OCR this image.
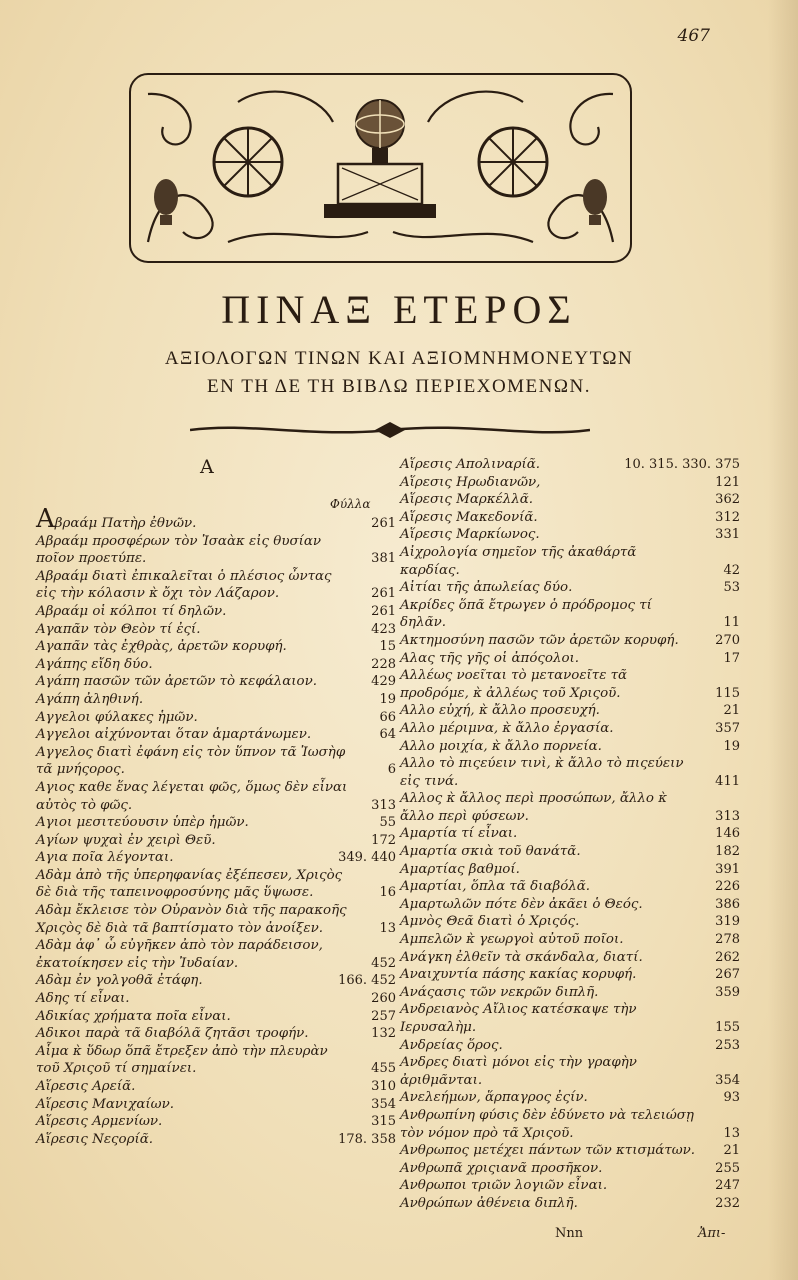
467
ΠΙΝΑΞ ΕΤΕΡΟΣ
ΑΞΙΟΛΟΓΩΝ ΤΙΝΩΝ ΚΑΙ ΑΞΙΟΜΝΗΜΟΝΕΥΤΩΝ
ΕΝ ΤΗ ΔΕ ΤΗ ΒΙΒΛΩ ΠΕΡΙΕΧΟΜΕΝΩΝ.
Α
Φύλλα
Αβραάμ Πατὴρ ἐθνῶν.	261
Αβραάμ προσφέρων τὸν Ἰσαὰκ εἰς θυσίαν ποῖον προετύπε.	381
Αβραάμ διατὶ ἐπικαλεῖται ὁ πλέσιος ὦντας εἰς τὴν κόλασιν κ̀ ὄχι τὸν Λάζαρον.	261
Αβραάμ οἱ κόλποι τί δηλῶν.	261
Αγαπᾶν τὸν Θεὸν τί ἐςί.	423
Αγαπᾶν τὰς ἐχθρὰς, ἀρετῶν κορυφή.	15
Αγάπης εἴδη δύο.	228
Αγάπη πασῶν τῶν ἀρετῶν τὸ κεφάλαιον.	429
Αγάπη ἀληθινή.	19
Αγγελοι φύλακες ἡμῶν.	66
Αγγελοι αἰχύνονται ὅταν ἁμαρτάνωμεν.	64
Αγγελος διατὶ ἐφάνη εἰς τὸν ὕπνον τᾶ Ἰωσὴφ τᾶ μνήςορος.	6
Αγιος καθε ἕνας λέγεται φῶς, ὅμως δὲν εἶναι αὐτὸς τὸ φῶς.	313
Αγιοι μεσιτεύουσιν ὑπὲρ ἡμῶν.	55
Αγίων ψυχαὶ ἐν χειρὶ Θεῦ.	172
Αγια ποῖα λέγονται.	349. 440
Αδὰμ ἀπὸ τῆς ὑπερηφανίας ἐξέπεσεν, Χριςὸς δὲ διὰ τῆς ταπεινοφροσύνης μᾶς ὕψωσε.	16
Αδὰμ ἔκλεισε τὸν Οὐρανὸν διὰ τῆς παρακοῆς Χριςὸς δὲ διὰ τᾶ βαπτίσματο τὸν ἀνοίξεν.	13
Αδὰμ ἀφ᾽ ὧ εὐγῆκεν ἀπὸ τὸν παράδεισον, ἐκατοίκησεν εἰς τὴν Ἰυδαίαν.	452
Αδὰμ ἐν γολγοθᾶ ἐτάφη.	166. 452
Αδης τί εἶναι.	260
Αδικίας χρήματα ποῖα εἶναι.	257
Αδικοι παρὰ τᾶ διαβόλᾶ ζητᾶσι τροφήν.	132
Αἷμα κ̀ ὕδωρ ὅπᾶ ἔτρεξεν ἀπὸ τὴν πλευρὰν τοῦ Χριςοῦ τί σημαίνει.	455
Αἵρεσις Αρείᾶ.	310
Αἵρεσις Μανιχαίων.	354
Αἵρεσις Αρμενίων.	315
Αἵρεσις Νεςορίᾶ.	178. 358
Αἵρεσις Απολιναρίᾶ.	10. 315. 330. 375
Αἵρεσις Ηρωδιανῶν,	121
Αἵρεσις Μαρκέλλᾶ.	362
Αἵρεσις Μακεδονίᾶ.	312
Αἵρεσις Μαρκίωνος.	331
Αἰχρολογία σημεῖον τῆς ἀκαθάρτᾶ καρδίας.	42
Αἰτίαι τῆς ἀπωλείας δύο.	53
Ακρίδες ὅπᾶ ἔτρωγεν ὁ πρόδρομος τί δηλᾶν.	11
Ακτημοσύνη πασῶν τῶν ἀρετῶν κορυφή.	270
Αλας τῆς γῆς οἱ ἀπόςολοι.	17
Αλλέως νοεῖται τὸ μετανοεῖτε τᾶ προδρόμε, κ̀ ἀλλέως τοῦ Χριςοῦ.	115
Αλλο εὐχή, κ̀ ἄλλο προσευχή.	21
Αλλο μέριμνα, κ̀ ἄλλο ἐργασία.	357
Αλλο μοιχία, κ̀ ἄλλο πορνεία.	19
Αλλο τὸ πιςεύειν τινὶ, κ̀ ἄλλο τὸ πιςεύειν εἰς τινά.	411
Αλλος κ̀ ἄλλος περὶ προσώπων, ἄλλο κ̀ ἄλλο περὶ φύσεων.	313
Αμαρτία τί εἶναι.	146
Αμαρτία σκιὰ τοῦ θανάτᾶ.	182
Αμαρτίας βαθμοί.	391
Αμαρτίαι, ὅπλα τᾶ διαβόλᾶ.	226
Αμαρτωλῶν πότε δὲν ἀκᾶει ὁ Θεός.	386
Αμνὸς Θεᾶ διατὶ ὁ Χριςός.	319
Αμπελῶν κ̀ γεωργοὶ αὐτοῦ ποῖοι.	278
Ανάγκη ἐλθεῖν τὰ σκάνδαλα, διατί.	262
Αναιχυντία πάσης κακίας κορυφή.	267
Ανάςασις τῶν νεκρῶν διπλῆ.	359
Ανδρειανὸς Αἴλιος κατέσκαψε τὴν Ιερυσαλὴμ.	155
Ανδρείας ὅρος.	253
Ανδρες διατὶ μόνοι εἰς τὴν γραφὴν ἀριθμᾶνται.	354
Ανελεήμων, ἅρπαγρος ἐςίν.	93
Ανθρωπίνη φύσις δὲν ἐδύνετο νὰ τελειώσῃ τὸν νόμον πρὸ τᾶ Χριςοῦ.	13
Ανθρωπος μετέχει πάντων τῶν κτισμάτων. 21
Ανθρωπᾶ χριςιανᾶ προσῆκον.	255
Ανθρωποι τριῶν λογιῶν εἶναι.	247
Ανθρώπων ἀθένεια διπλῆ.	232
Nnn	Ἀπι-
